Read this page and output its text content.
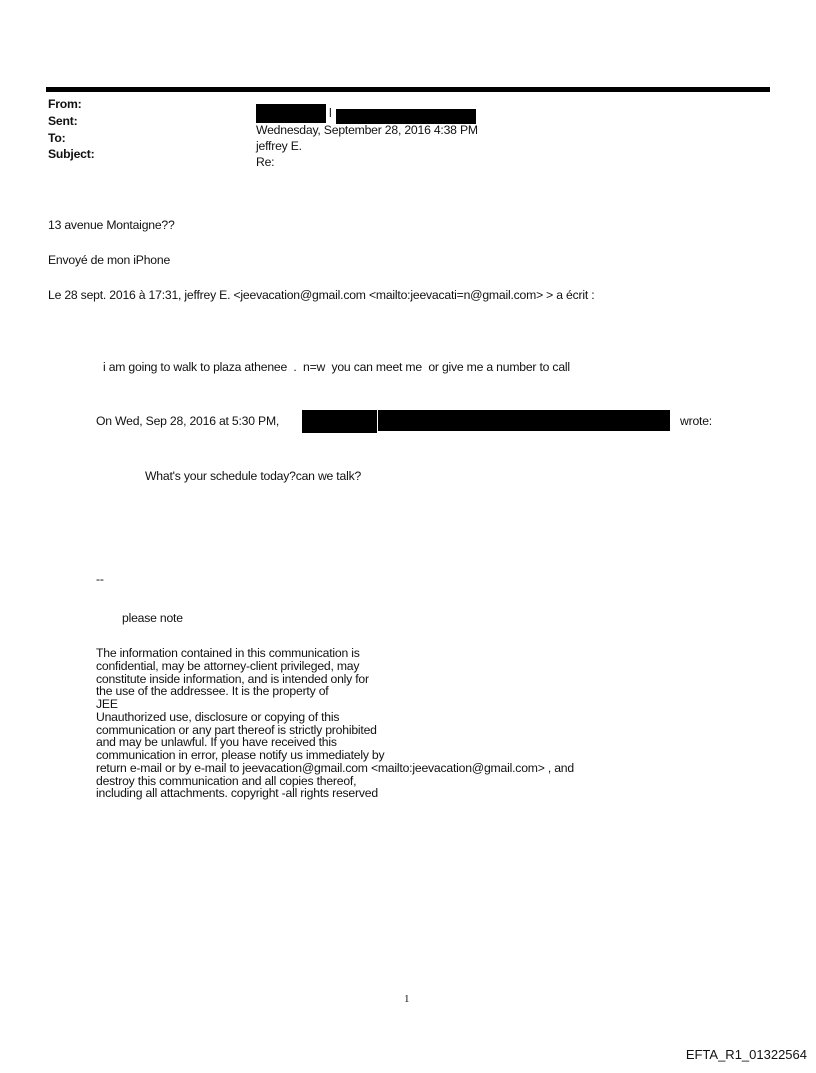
From:
l
Sent:
Wednesday, September 28, 2016 4:38 PM
To:
jeffrey E.
Subject:
Re:
13 avenue Montaigne??
Envoyé de mon iPhone
Le 28 sept. 2016 à 17:31, jeffrey E. <jeevacation@gmail.com <mailto:jeevacati=n@gmail.com> > a écrit :
i am going to walk to plaza athenee  .  n=w  you can meet me  or give me a number to call
On Wed, Sep 28, 2016 at 5:30 PM,	wrote:
What's your schedule today?can we talk?
--
please note
The information contained in this communication is
confidential, may be attorney-client privileged, may
constitute inside information, and is intended only for
the use of the addressee. It is the property of
JEE
Unauthorized use, disclosure or copying of this
communication or any part thereof is strictly prohibited
and may be unlawful. If you have received this
communication in error, please notify us immediately by
return e-mail or by e-mail to jeevacation@gmail.com <mailto:jeevacation@gmail.com> , and
destroy this communication and all copies thereof,
including all attachments. copyright -all rights reserved
1
EFTA_R1_01322564
